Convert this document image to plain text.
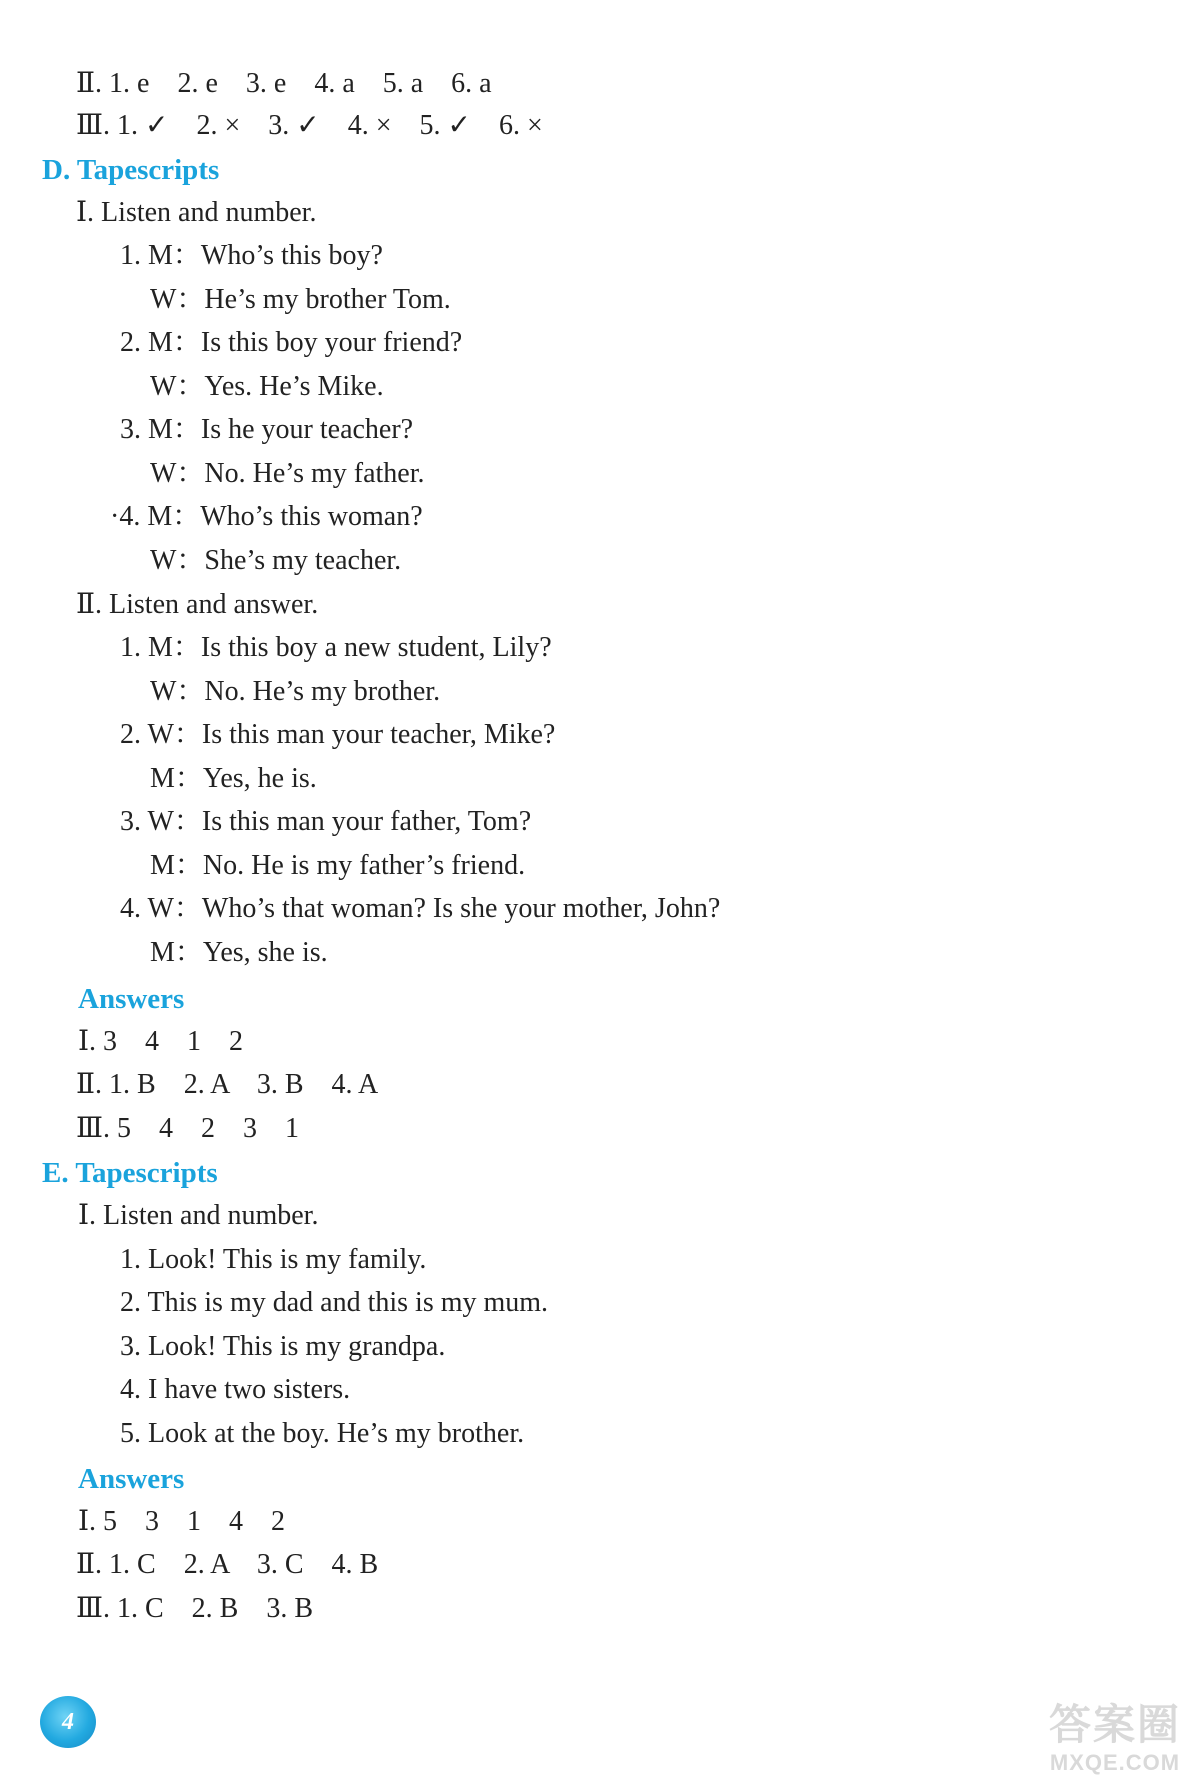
Ⅱ. 1. e    2. e    3. e    4. a    5. a    6. a
Ⅲ. 1. ✓    2. ×    3. ✓    4. ×    5. ✓    6. ×
D. Tapescripts
Ⅰ. Listen and number.
1. M：Who’s this boy?
W：He’s my brother Tom.
2. M：Is this boy your friend?
W：Yes. He’s Mike.
3. M：Is he your teacher?
W：No. He’s my father.
·4. M：Who’s this woman?
W：She’s my teacher.
Ⅱ. Listen and answer.
1. M：Is this boy a new student, Lily?
W：No. He’s my brother.
2. W：Is this man your teacher, Mike?
M：Yes, he is.
3. W：Is this man your father, Tom?
M：No. He is my father’s friend.
4. W：Who’s that woman? Is she your mother, John?
M：Yes, she is.
Answers
Ⅰ. 3    4    1    2
Ⅱ. 1. B    2. A    3. B    4. A
Ⅲ. 5    4    2    3    1
E. Tapescripts
Ⅰ. Listen and number.
1. Look! This is my family.
2. This is my dad and this is my mum.
3. Look! This is my grandpa.
4. I have two sisters.
5. Look at the boy. He’s my brother.
Answers
Ⅰ. 5    3    1    4    2
Ⅱ. 1. C    2. A    3. C    4. B
Ⅲ. 1. C    2. B    3. B
4	答案圈
MXQE.COM
